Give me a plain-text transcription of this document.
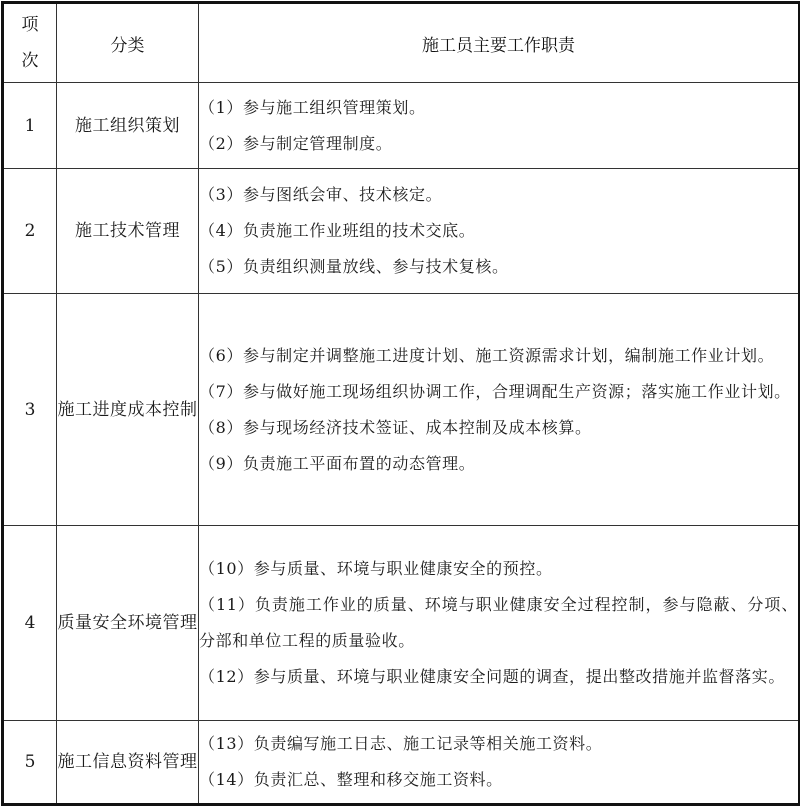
项
次	分类	施工员主要工作职责
1	施工组织策划	（1）参与施工组织管理策划。
（2）参与制定管理制度。

2	施工技术管理	（3）参与图纸会审、技术核定。
（4）负责施工作业班组的技术交底。
（5）负责组织测量放线、参与技术复核。

3	施工进度成本控制	（6）参与制定并调整施工进度计划、施工资源需求计划，编制施工作业计划。
（7）参与做好施工现场组织协调工作，合理调配生产资源；落实施工作业计划。
（8）参与现场经济技术签证、成本控制及成本核算。
（9）负责施工平面布置的动态管理。

4	质量安全环境管理	（10）参与质量、环境与职业健康安全的预控。
（11）负责施工作业的质量、环境与职业健康安全过程控制，参与隐蔽、分项、分部和单位工程的质量验收。
（12）参与质量、环境与职业健康安全问题的调查，提出整改措施并监督落实。

5	施工信息资料管理	（13）负责编写施工日志、施工记录等相关施工资料。
（14）负责汇总、整理和移交施工资料。
